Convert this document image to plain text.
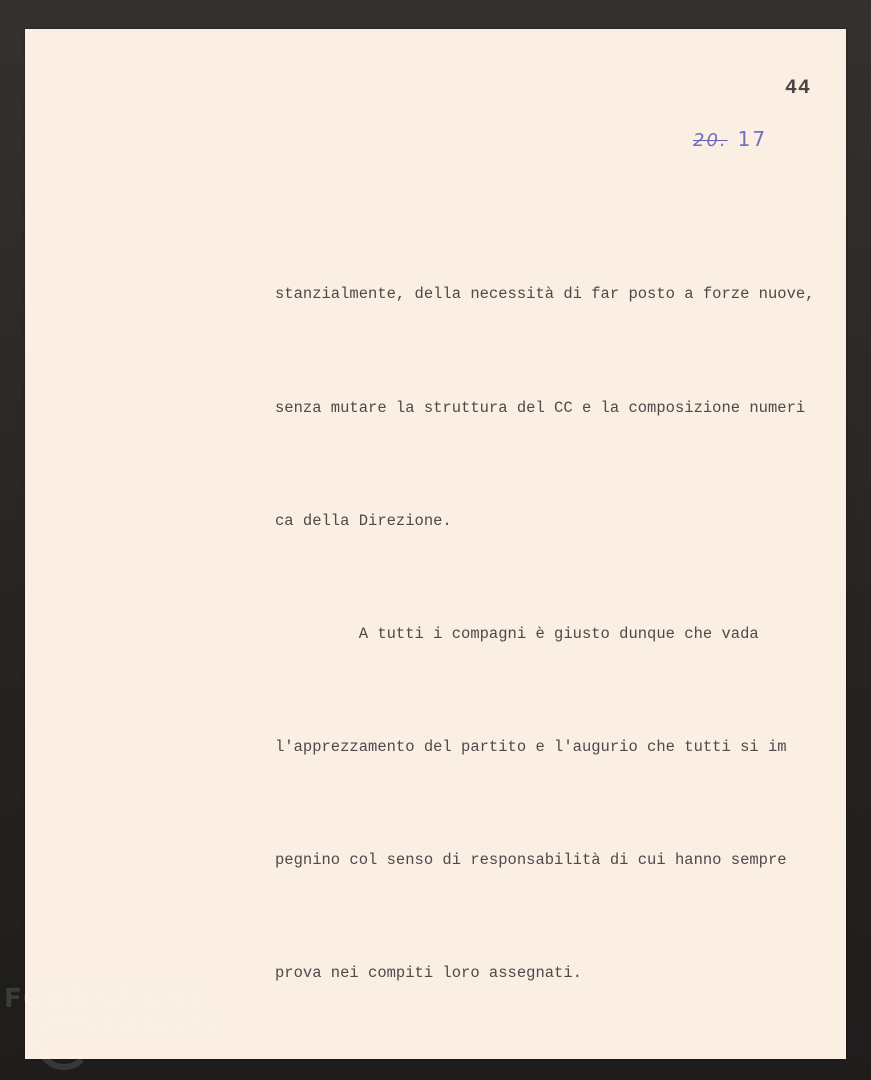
44
20. 17

stanzialmente, della necessità di far posto a forze nuove,

senza mutare la struttura del CC e la composizione numeri

ca della Direzione.

A tutti i compagni è giusto dunque che vada

l'apprezzamento del partito e l'augurio che tutti si im

pegnino col senso di responsabilità di cui hanno sempre

prova nei compiti loro assegnati.

FONDAZIONE
GRAMSCI
